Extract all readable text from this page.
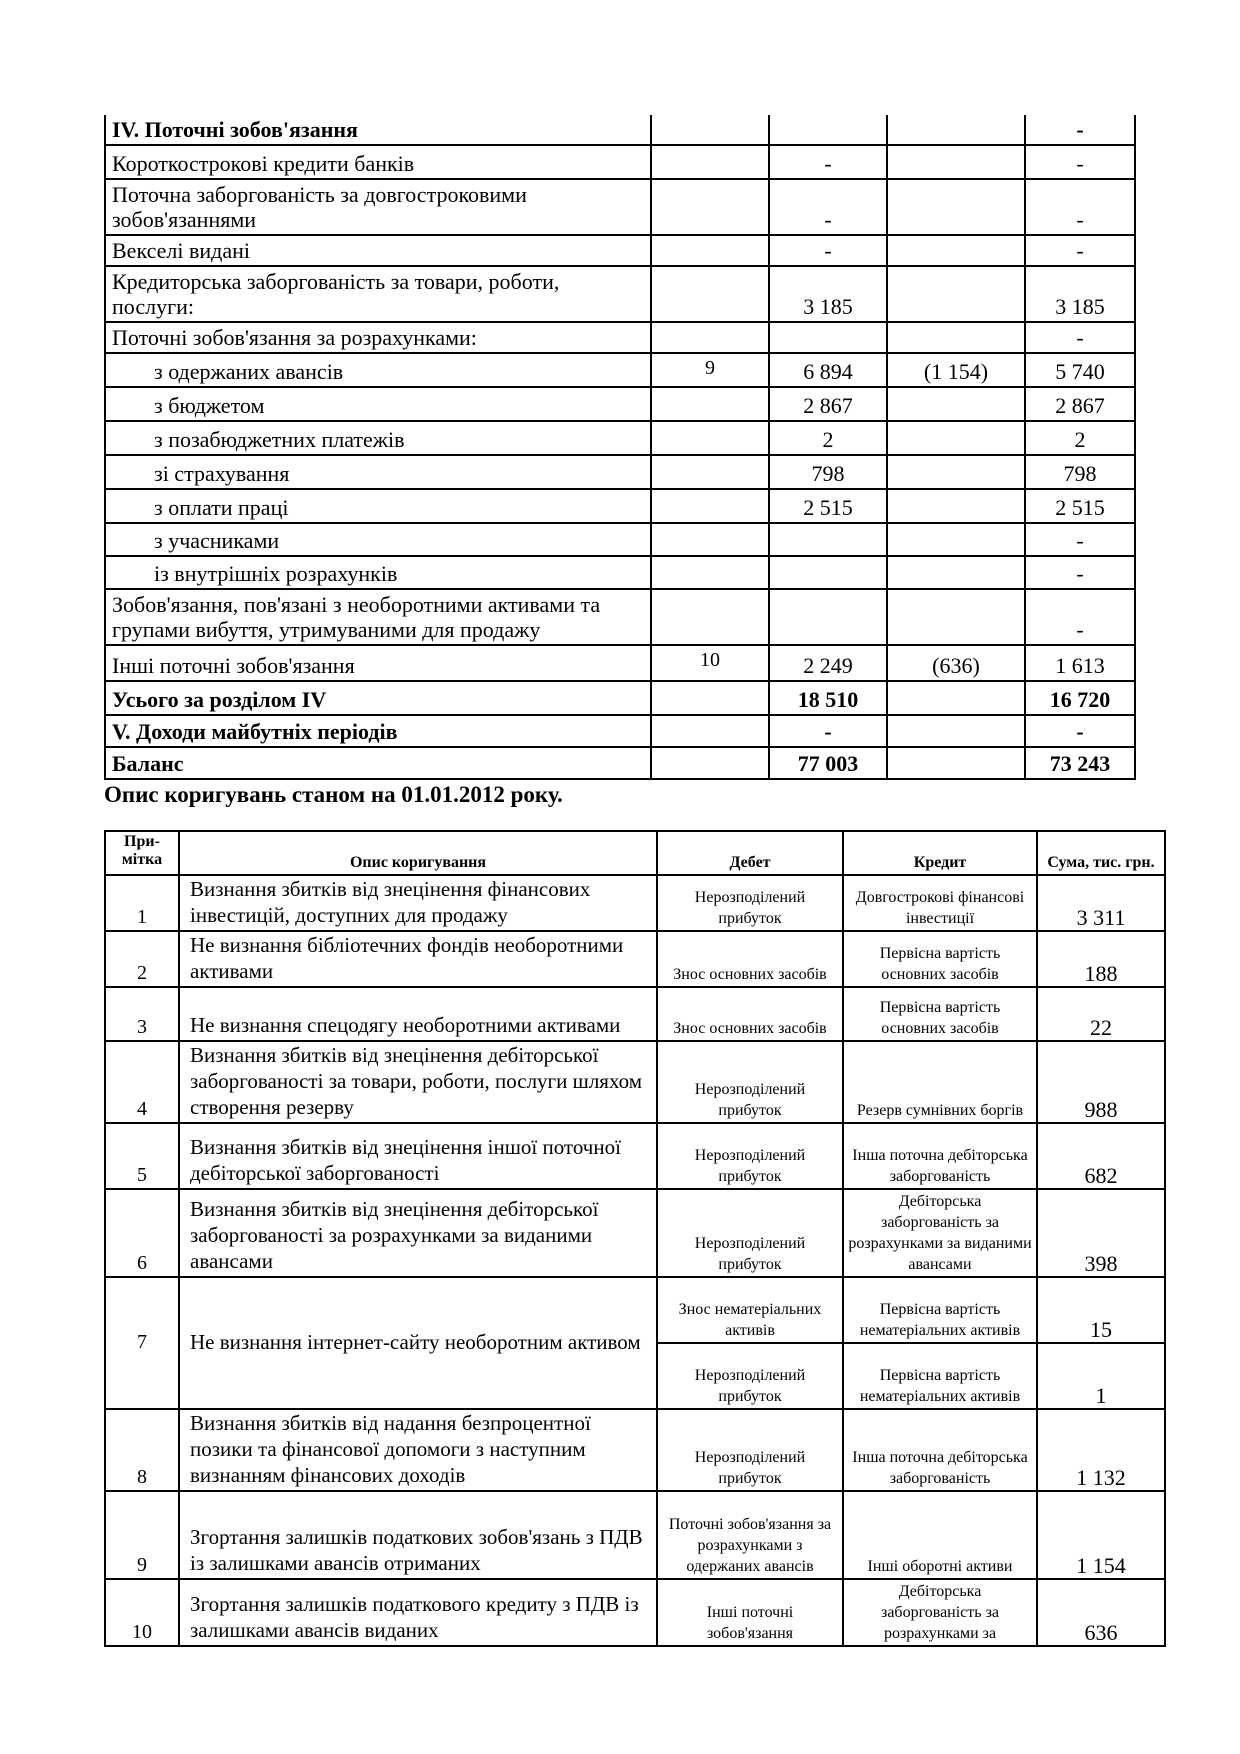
IV. Поточні зобов'язання				-
Короткострокові кредити банків		-		-
Поточна заборгованість за довгостроковими зобов'язаннями		-		-
Векселі видані		-		-
Кредиторська заборгованість за товари, роботи, послуги:		3 185		3 185
Поточні зобов'язання за розрахунками:				-
з одержаних авансів	9	6 894	(1 154)	5 740
з бюджетом		2 867		2 867
з позабюджетних платежів		2		2
зі страхування		798		798
з оплати праці		2 515		2 515
з учасниками				-
із внутрішніх розрахунків				-
Зобов'язання, пов'язані з необоротними активами та групами вибуття, утримуваними для продажу				-
Інші поточні зобов'язання	10	2 249	(636)	1 613
Усього за розділом IV		18 510		16 720
V. Доходи майбутніх періодів		-		-
Баланс		77 003		73 243
Опис коригувань станом на 01.01.2012 року.
При-мітка	Опис коригування	Дебет	Кредит	Сума, тис. грн.
1	Визнання збитків від знецінення фінансових інвестицій, доступних для продажу	Нерозподілений прибуток	Довгострокові фінансові інвестиції	3 311
2	Не визнання бібліотечних фондів необоротними активами	Знос основних засобів	Первісна вартість основних засобів	188
3	Не визнання спецодягу необоротними активами	Знос основних засобів	Первісна вартість основних засобів	22
4	Визнання збитків від знецінення дебіторської заборгованості за товари, роботи, послуги шляхом створення резерву	Нерозподілений прибуток	Резерв сумнівних боргів	988
5	Визнання збитків від знецінення іншої поточної дебіторської заборгованості	Нерозподілений прибуток	Інша поточна дебіторська заборгованість	682
6	Визнання збитків від знецінення дебіторської заборгованості за розрахунками за виданими авансами	Нерозподілений прибуток	Дебіторська заборгованість за розрахунками за виданими авансами	398
7	Не визнання інтернет-сайту необоротним активом	Знос нематеріальних активів	Первісна вартість нематеріальних активів	15
		Нерозподілений прибуток	Первісна вартість нематеріальних активів	1
8	Визнання збитків від надання безпроцентної позики та фінансової допомоги з наступним визнанням фінансових доходів	Нерозподілений прибуток	Інша поточна дебіторська заборгованість	1 132
9	Згортання залишків податкових зобов'язань з ПДВ із залишками авансів отриманих	Поточні зобов'язання за розрахунками з одержаних авансів	Інші оборотні активи	1 154
10	Згортання залишків податкового кредиту з ПДВ із залишками авансів виданих	Інші поточні зобов'язання	Дебіторська заборгованість за розрахунками за	636
